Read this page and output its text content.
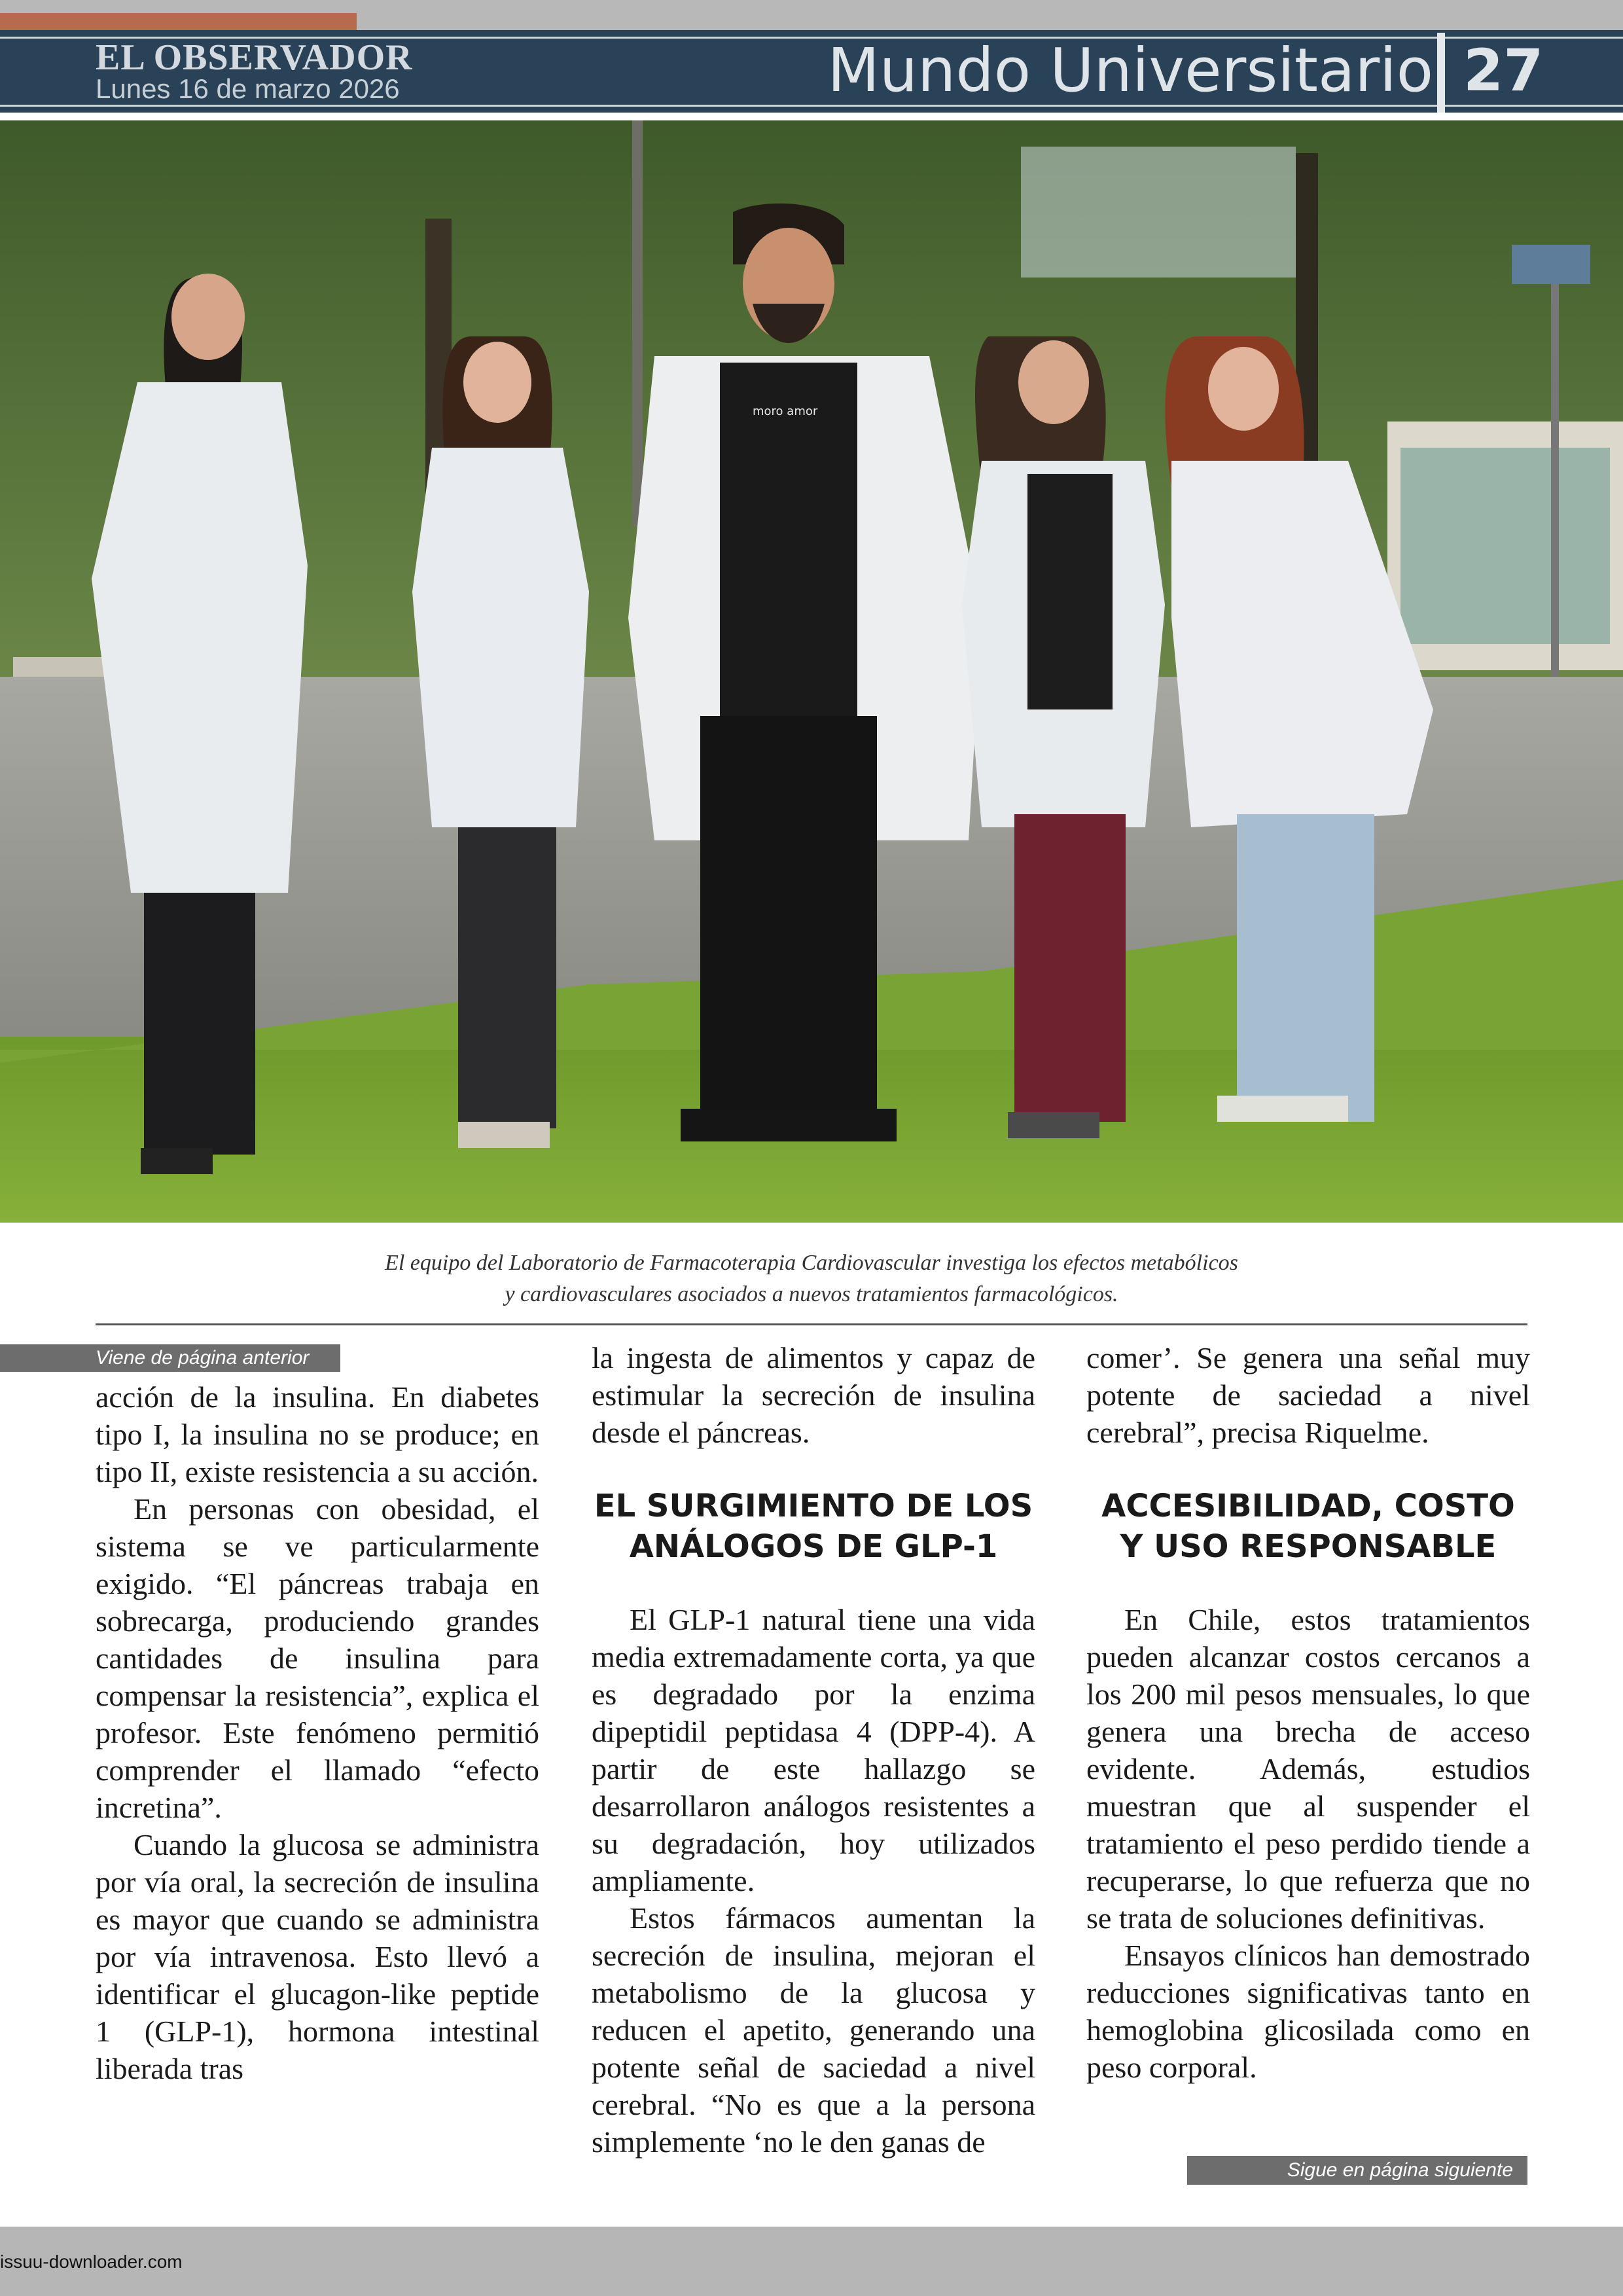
EL OBSERVADOR
Lunes 16 de marzo 2026	Mundo Universitario 27
moro amor
El equipo del Laboratorio de Farmacoterapia Cardiovascular investiga los efectos metabólicos
y cardiovasculares asociados a nuevos tratamientos farmacológicos.
Viene de página anterior

acción de la insulina. En diabetes tipo I, la insulina no se produce; en tipo II, existe resistencia a su acción.

En personas con obesidad, el sistema se ve particularmente exigido. “El páncreas trabaja en sobrecarga, produciendo grandes cantidades de insulina para compensar la resistencia”, explica el profesor. Este fenómeno permitió comprender el llamado “efecto incretina”.

Cuando la glucosa se administra por vía oral, la secreción de insulina es mayor que cuando se administra por vía intravenosa. Esto llevó a identificar el glucagon-like peptide 1 (GLP-1), hormona intestinal liberada tras

la ingesta de alimentos y capaz de estimular la secreción de insulina desde el páncreas.

EL SURGIMIENTO DE LOS
ANÁLOGOS DE GLP-1

El GLP-1 natural tiene una vida media extremadamente corta, ya que es degradado por la enzima dipeptidil peptidasa 4 (DPP-4). A partir de este hallazgo se desarrollaron análogos resistentes a su degradación, hoy utilizados ampliamente.

Estos fármacos aumentan la secreción de insulina, mejoran el metabolismo de la glucosa y reducen el apetito, generando una potente señal de saciedad a nivel cerebral. “No es que a la persona simplemente ‘no le den ganas de

comer’. Se genera una señal muy potente de saciedad a nivel cerebral”, precisa Riquelme.

ACCESIBILIDAD, COSTO
Y USO RESPONSABLE

En Chile, estos tratamientos pueden alcanzar costos cercanos a los 200 mil pesos mensuales, lo que genera una brecha de acceso evidente. Además, estudios muestran que al suspender el tratamiento el peso perdido tiende a recuperarse, lo que refuerza que no se trata de soluciones definitivas.

Ensayos clínicos han demostrado reducciones significativas tanto en hemoglobina glicosilada como en peso corporal.

Sigue en página siguiente
issuu-downloader.com
